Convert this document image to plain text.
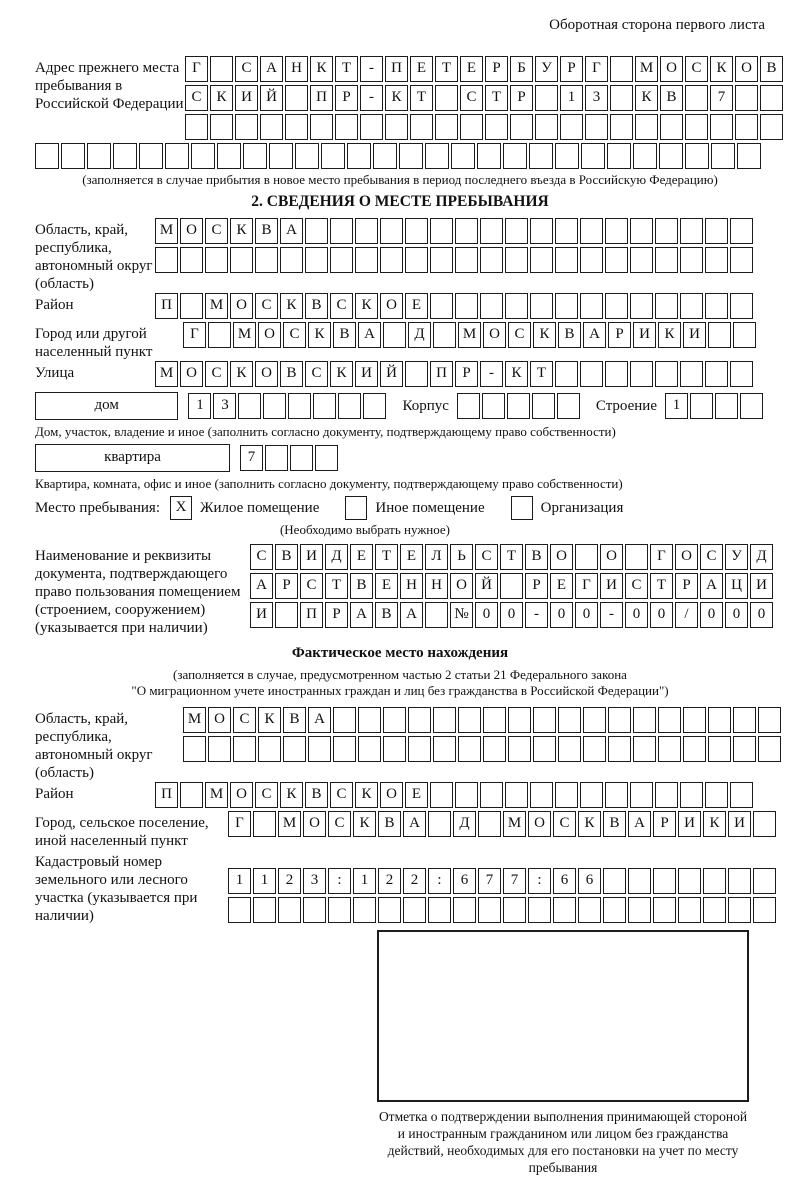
Оборотная сторона первого листа
Адрес прежнего места пребывания в Российской Федерации
Г	С А Н К	Т	-	П Е	Т	Е	Р	Б	У	Р	Г	М О С К О В
С К И Й	П	Р	-	К	Т	С	Т	Р	1	3	К В	7
(заполняется в случае прибытия в новое место пребывания в период последнего въезда в Российскую Федерацию)
2. СВЕДЕНИЯ О МЕСТЕ ПРЕБЫВАНИЯ
Область, край, республика, автономный округ (область)
М О С К В А
Район	П	М О С К В С К О Е
Город или другой населенный пункт
Г	М О С К В А	Д	М О С К В А	Р	И К И
Улица	М О С К О В С К И Й	П	Р	-	К	Т
дом	1	3	Корпус	Строение	1
Дом, участок, владение и иное (заполнить согласно документу, подтверждающему право собственности)
квартира	7
Квартира, комната, офис и иное (заполнить согласно документу, подтверждающему право собственности)
Место пребывания:	X Жилое помещение	Иное помещение	Организация
(Необходимо выбрать нужное)
Наименование и реквизиты документа, подтверждающего право пользования помещением (строением, сооружением) (указывается при наличии)
С В И Д	Е	Т	Е	Л	Ь	С	Т	В О	О	Г	О С У Д
А	Р	С	Т	В	Е	Н Н О Й	Р	Е	Г	И С	Т	Р	А Ц И
И	П	Р	А В А	№ 0	0	-	0	0	-	0	0	/	0	0	0
Фактическое место нахождения
(заполняется в случае, предусмотренном частью 2 статьи 21 Федерального закона
"О миграционном учете иностранных граждан и лиц без гражданства в Российской Федерации")
Область, край, республика, автономный округ (область)
М О С К В А
Район	П	М О С К В С К О Е
Город, сельское поселение, иной населенный пункт
Г	М О С К В А	Д	М О С К В А	Р	И К И
Кадастровый номер земельного или лесного участка (указывается при наличии)
1	1	2	3	:	1	2	2	:	6	7	7	:	6	6
Отметка о подтверждении выполнения принимающей стороной и иностранным гражданином или лицом без гражданства действий, необходимых для его постановки на учет по месту пребывания
